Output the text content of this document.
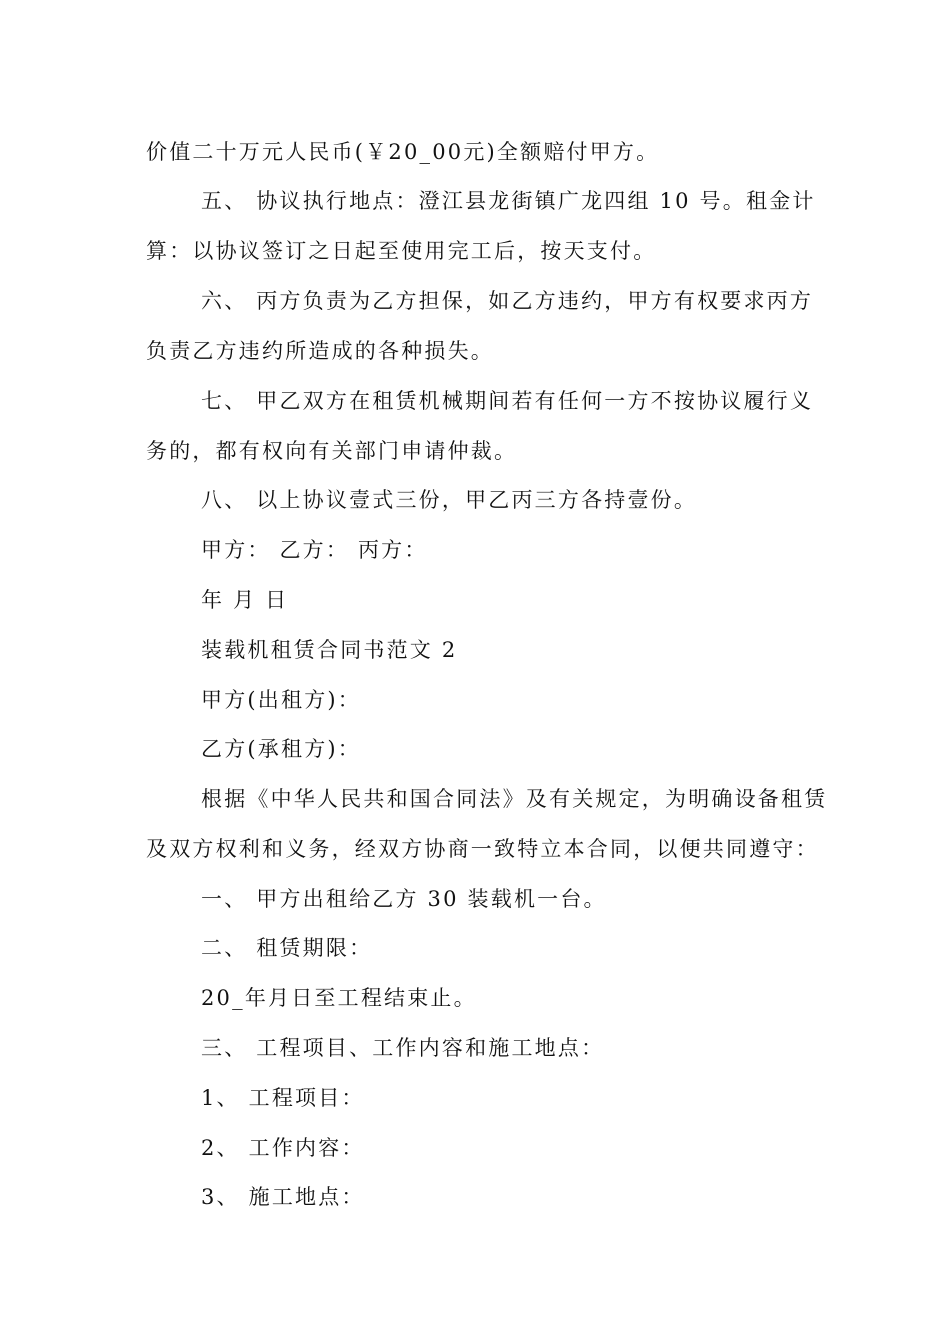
价值二十万元人民币(￥20_00元)全额赔付甲方。
五、 协议执行地点：澄江县龙街镇广龙四组 10 号。租金计
算：以协议签订之日起至使用完工后，按天支付。
六、 丙方负责为乙方担保，如乙方违约，甲方有权要求丙方
负责乙方违约所造成的各种损失。
七、 甲乙双方在租赁机械期间若有任何一方不按协议履行义
务的，都有权向有关部门申请仲裁。
八、 以上协议壹式三份，甲乙丙三方各持壹份。
甲方： 乙方： 丙方：
年 月 日
装载机租赁合同书范文 2
甲方(出租方)：
乙方(承租方)：
根据《中华人民共和国合同法》及有关规定，为明确设备租赁
及双方权利和义务，经双方协商一致特立本合同，以便共同遵守：
一、 甲方出租给乙方 30 装载机一台。
二、 租赁期限：
20_年月日至工程结束止。
三、 工程项目、工作内容和施工地点：
1、 工程项目：
2、 工作内容：
3、 施工地点：
